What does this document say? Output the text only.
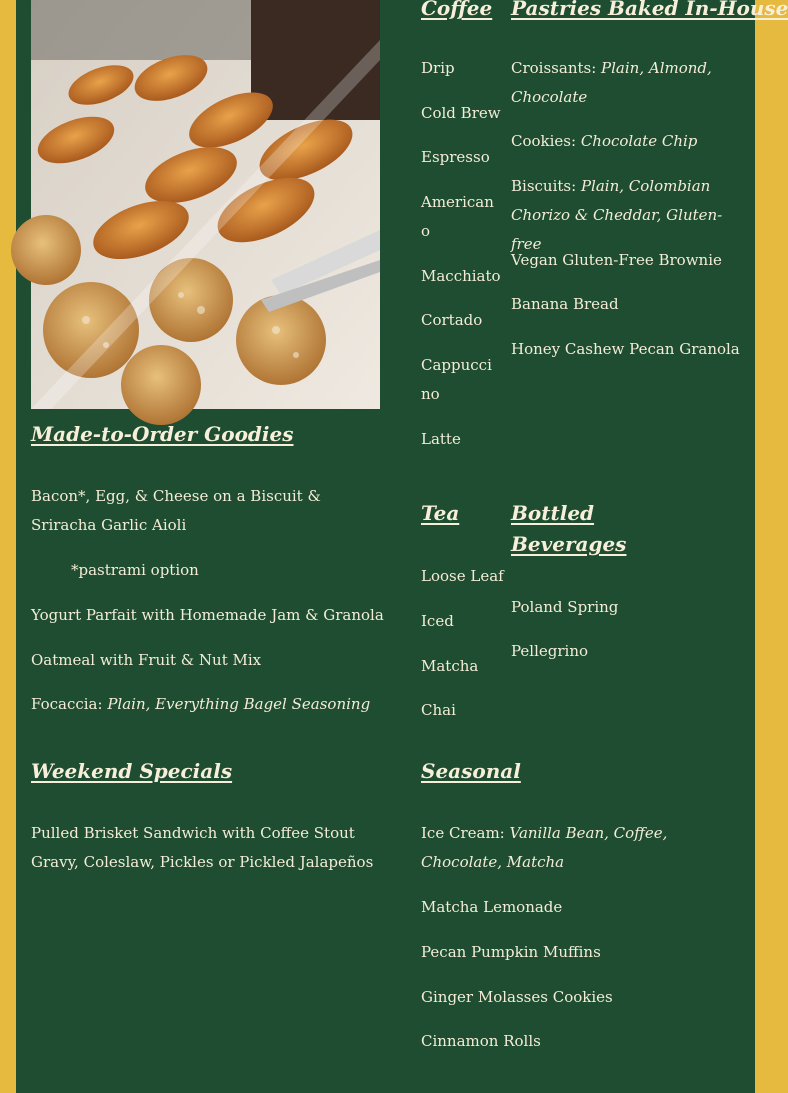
Coffee
Drip
Cold Brew
Espresso
Americano
Macchiato
Cortado
Cappuccino
Latte
Pastries Baked In-House
Croissants: Plain, Almond, Chocolate
Cookies: Chocolate Chip
Biscuits: Plain, Colombian Chorizo & Cheddar, Gluten-free
Vegan Gluten-Free Brownie
Banana Bread
Honey Cashew Pecan Granola
Made-to-Order Goodies
Bacon*, Egg, & Cheese on a Biscuit & Sriracha Garlic Aioli
*pastrami option
Yogurt Parfait with Homemade Jam & Granola
Oatmeal with Fruit & Nut Mix
Focaccia: Plain, Everything Bagel Seasoning
Tea
Loose Leaf
Iced
Matcha
Chai
Bottled Beverages
Poland Spring
Pellegrino
Weekend Specials
Pulled Brisket Sandwich with Coffee Stout Gravy, Coleslaw, Pickles or Pickled Jalapeños
Seasonal
Ice Cream: Vanilla Bean, Coffee, Chocolate, Matcha
Matcha Lemonade
Pecan Pumpkin Muffins
Ginger Molasses Cookies
Cinnamon Rolls
